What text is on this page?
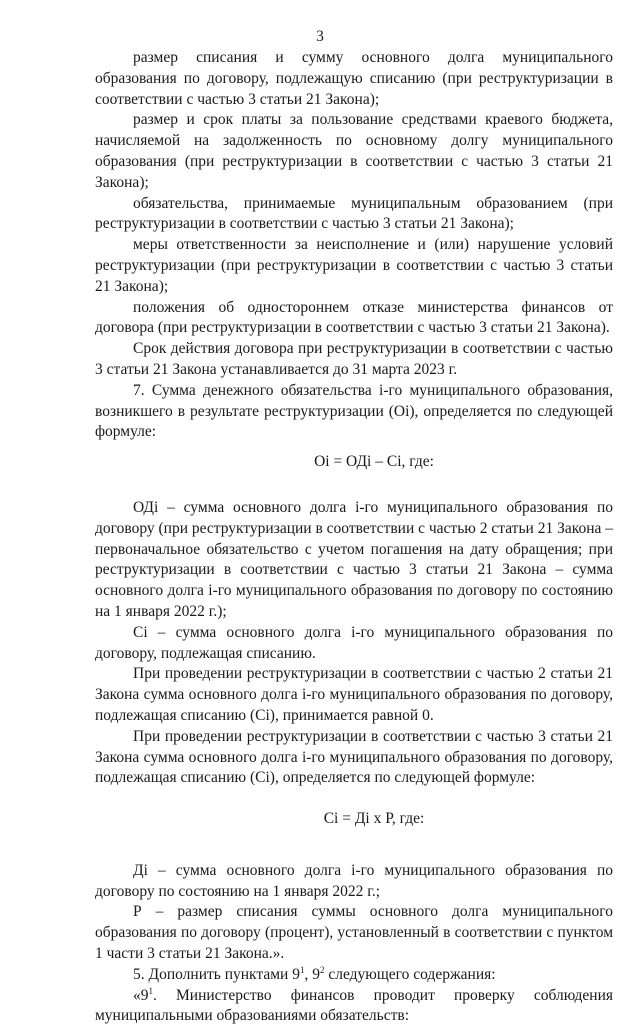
3

размер списания и сумму основного долга муниципального образования по договору, подлежащую списанию (при реструктуризации в соответствии с частью 3 статьи 21 Закона);

размер и срок платы за пользование средствами краевого бюджета, начисляемой на задолженность по основному долгу муниципального образования (при реструктуризации в соответствии с частью 3 статьи 21 Закона);

обязательства, принимаемые муниципальным образованием (при реструктуризации в соответствии с частью 3 статьи 21 Закона);

меры ответственности за неисполнение и (или) нарушение условий реструктуризации (при реструктуризации в соответствии с частью 3 статьи 21 Закона);

положения об одностороннем отказе министерства финансов от договора (при реструктуризации в соответствии с частью 3 статьи 21 Закона).

Срок действия договора при реструктуризации в соответствии с частью 3 статьи 21 Закона устанавливается до 31 марта 2023 г.

7. Сумма денежного обязательства i-го муниципального образования, возникшего в результате реструктуризации (Оi), определяется по следующей формуле:

Оi = ОДi – Сi, где:

ОДi – сумма основного долга i-го муниципального образования по договору (при реструктуризации в соответствии с частью 2 статьи 21 Закона – первоначальное обязательство с учетом погашения на дату обращения; при реструктуризации в соответствии с частью 3 статьи 21 Закона – сумма основного долга i-го муниципального образования по договору по состоянию на 1 января 2022 г.);

Сi – сумма основного долга i-го муниципального образования по договору, подлежащая списанию.

При проведении реструктуризации в соответствии с частью 2 статьи 21 Закона сумма основного долга i-го муниципального образования по договору, подлежащая списанию (Сi), принимается равной 0.

При проведении реструктуризации в соответствии с частью 3 статьи 21 Закона сумма основного долга i-го муниципального образования по договору, подлежащая списанию (Сi), определяется по следующей формуле:

Сi = Дi х Р, где:

Дi – сумма основного долга i-го муниципального образования по договору по состоянию на 1 января 2022 г.;

Р – размер списания суммы основного долга муниципального образования по договору (процент), установленный в соответствии с пунктом 1 части 3 статьи 21 Закона.».

5. Дополнить пунктами $9^1$, $9^2$ следующего содержания:

«$9^1$. Министерство финансов проводит проверку соблюдения муниципальными образованиями обязательств:
